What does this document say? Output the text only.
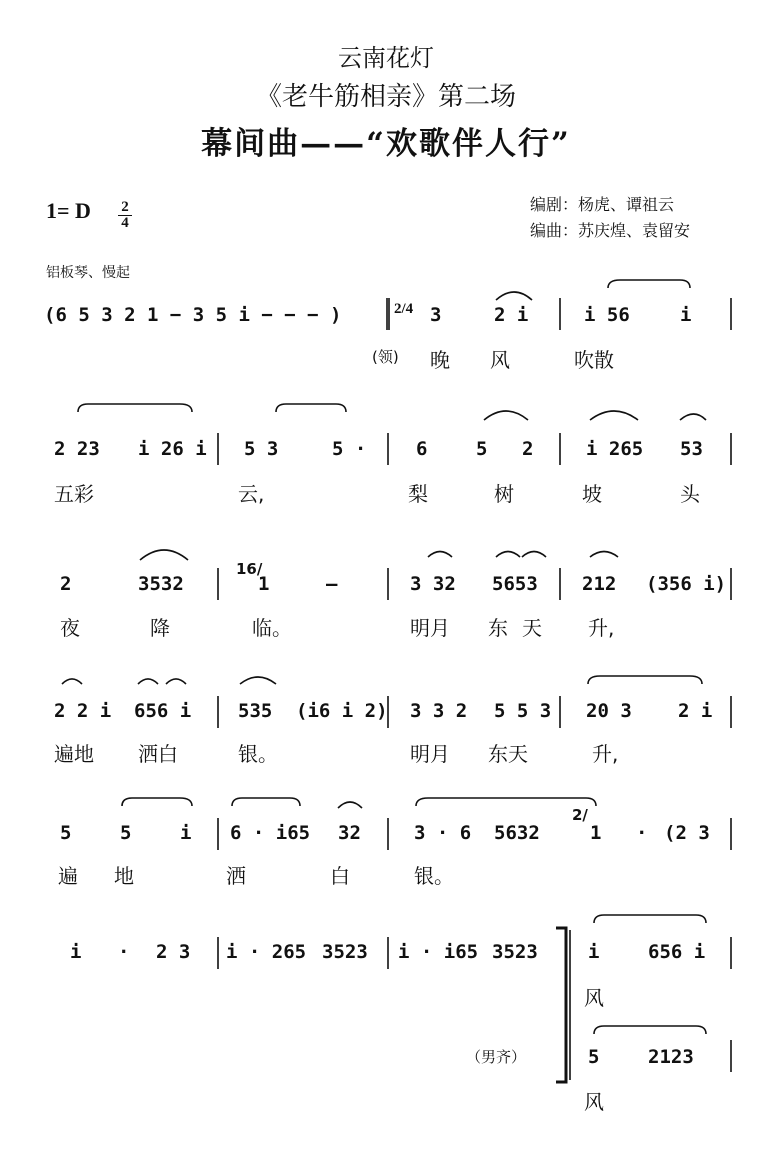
云南花灯
《老牛筋相亲》第二场
幕间曲——“欢歌伴人行”
1= D 2
4
编剧：杨虎、谭祖云
编曲：苏庆煌、袁留安
铝板琴、慢起
(6 5 3 2 1 − 3 5 i − − − )	2/4 3	2 i	i 56	i
(领) 晚 风	吹散
2 23 i 26 i 5 3	5 ·	6	5 2	i 265 53
五彩	云,	梨	树	坡	头
2	3532
16/
1	—	3 32 5653 212 (356 i)
夜	降	临。	明月 东 天 升,
2 2 i 656 i 535 (i6 i 2) 3 3 2 5 5 3 20 3 2 i
遍地 洒白	银。	明月 东天	升,
5	5	i 6 · i65 32	3 · 6 5632
2/
1 · (2 3
遍 地	洒	白	银。
i · 2 3 i · 265 3523 i · i65 3523	i	656 i
风
5	2123
风
（男齐）
